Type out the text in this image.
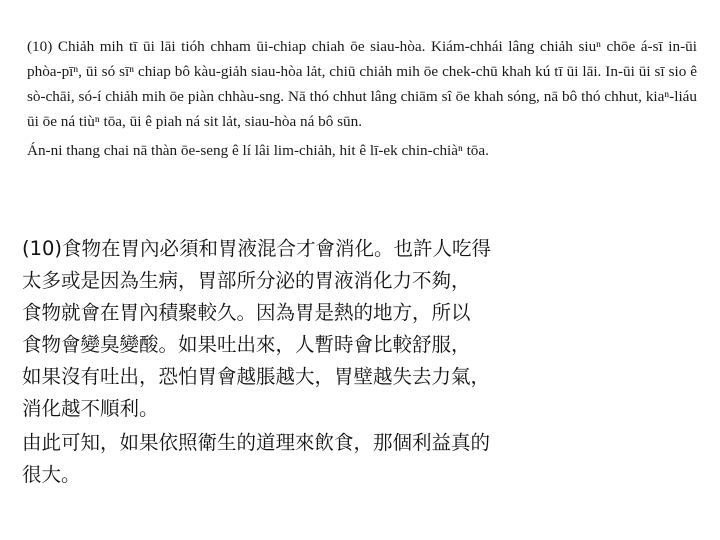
(10) Chiảh mih tī ūi lāi tióh chham ūi-chiap chiah ōe siau-hòa. Kiám-chhái lâng chiảh siuⁿ chōe á-sī in-ūi phòa-pīⁿ, ūi só sīⁿ chiap bô kàu-giảh siau-hòa lảt, chiū chiảh mih ōe chek-chū khah kú tī ūi lāi. In-ūi ūi sī sio ê sò-chāi, só-í chiảh mih ōe piàn chhàu-sng. Nā thó chhut lâng chiām sî ōe khah sóng, nā bô thó chhut, kiaⁿ-liáu ūi ōe ná tiùⁿ tōa, ūi ê piah ná sit lảt, siau-hòa ná bô sūn.

Án-ni thang chai nā thàn ōe-seng ê lí lâi lim-chiảh, hit ê lī-ek chin-chiàⁿ tōa.

(10)食物在胃內必須和胃液混合才會消化。也許人吃得
太多或是因為生病，胃部所分泌的胃液消化力不夠，
食物就會在胃內積聚較久。因為胃是熱的地方，所以
食物會變臭變酸。如果吐出來，人暫時會比較舒服，
如果沒有吐出，恐怕胃會越脹越大，胃壁越失去力氣，
消化越不順利。

由此可知，如果依照衛生的道理來飲食，那個利益真的
很大。
